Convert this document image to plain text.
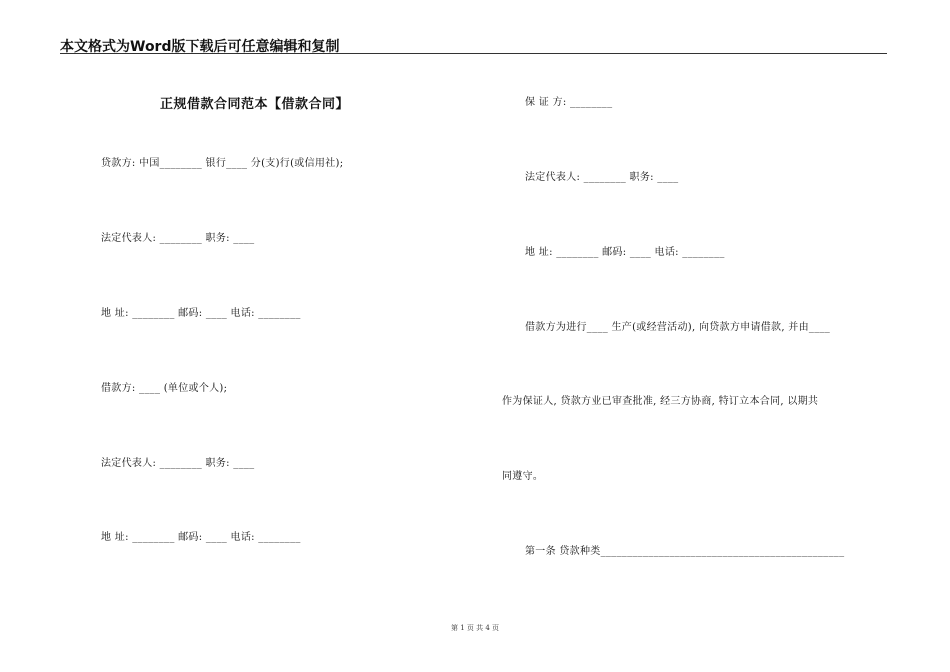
本文格式为Word版下载后可任意编辑和复制
正规借款合同范本【借款合同】
贷款方: 中国________ 银行____ 分(支)行(或信用社);
法定代表人: ________ 职务: ____
地 址: ________ 邮码: ____ 电话: ________
借款方: ____ (单位或个人);
法定代表人: ________ 职务: ____
地 址: ________ 邮码: ____ 电话: ________
保 证 方: ________
法定代表人: ________ 职务: ____
地 址: ________ 邮码: ____ 电话: ________
借款方为进行____ 生产(或经营活动), 向贷款方申请借款, 并由____
作为保证人, 贷款方业已审查批准, 经三方协商, 特订立本合同, 以期共
同遵守。
第一条 贷款种类______________________________________________
第 1 页 共 4 页
